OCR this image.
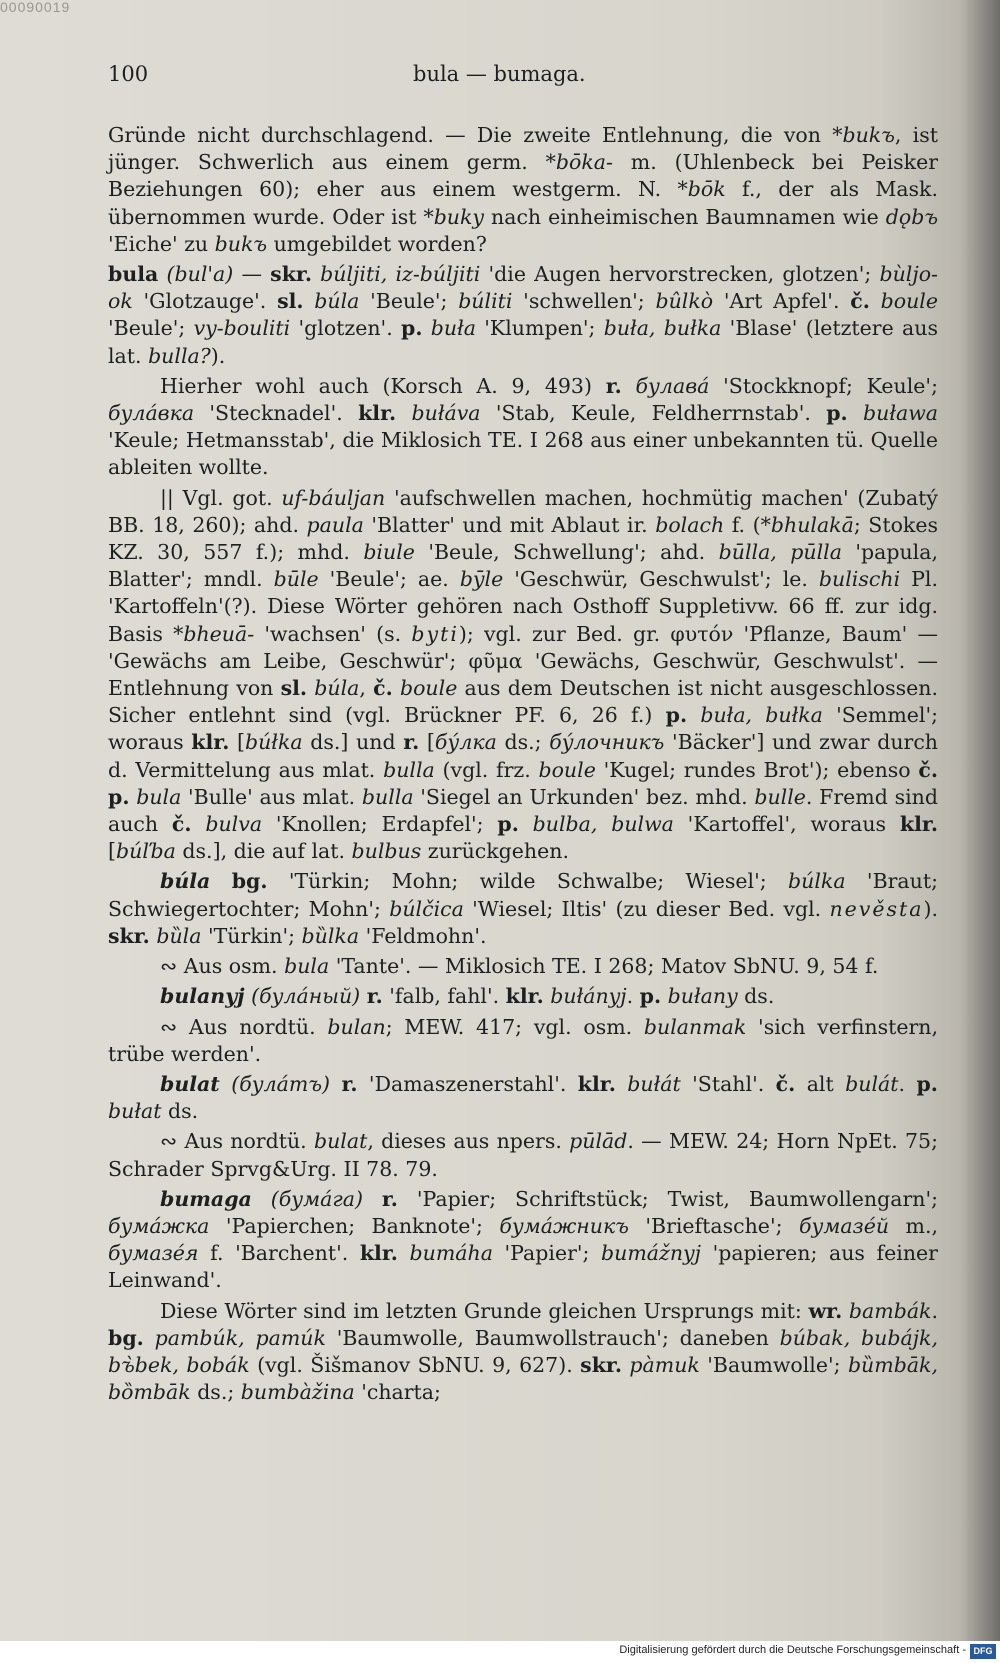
00090019
100	bula — bumaga.

Gründe nicht durchschlagend. — Die zweite Entlehnung, die von *bukъ, ist jünger. Schwerlich aus einem germ. *bōka- m. (Uhlenbeck bei Peisker Beziehungen 60); eher aus einem westgerm. N. *bōk f., der als Mask. übernommen wurde. Oder ist *buky nach einheimischen Baumnamen wie dǫbъ 'Eiche' zu bukъ umgebildet worden?

bula (bul'a) — skr. búljiti, iz-búljiti 'die Augen hervorstrecken, glotzen'; bùljo-ok 'Glotzauge'. sl. búla 'Beule'; búliti 'schwellen'; bûlkò 'Art Apfel'. č. boule 'Beule'; vy-bouliti 'glotzen'. p. buła 'Klumpen'; buła, bułka 'Blase' (letztere aus lat. bulla?).

Hierher wohl auch (Korsch A. 9, 493) r. булава́ 'Stockknopf; Keule'; була́вка 'Stecknadel'. klr. bułáva 'Stab, Keule, Feldherrnstab'. p. buława 'Keule; Hetmansstab', die Miklosich TE. I 268 aus einer unbekannten tü. Quelle ableiten wollte.

|| Vgl. got. uf-báuljan 'aufschwellen machen, hochmütig machen' (Zubatý BB. 18, 260); ahd. paula 'Blatter' und mit Ablaut ir. bolach f. (*bhulakā; Stokes KZ. 30, 557 f.); mhd. biule 'Beule, Schwellung'; ahd. būlla, pūlla 'papula, Blatter'; mndl. būle 'Beule'; ae. bȳle 'Geschwür, Geschwulst'; le. bulischi Pl. 'Kartoffeln'(?). Diese Wörter gehören nach Osthoff Suppletivw. 66 ff. zur idg. Basis *bheuā- 'wachsen' (s. byti); vgl. zur Bed. gr. φυτόν 'Pflanze, Baum' — 'Gewächs am Leibe, Geschwür'; φῦμα 'Gewächs, Geschwür, Geschwulst'. — Entlehnung von sl. búla, č. boule aus dem Deutschen ist nicht ausgeschlossen. Sicher entlehnt sind (vgl. Brückner PF. 6, 26 f.) p. buła, bułka 'Semmel'; woraus klr. [búłka ds.] und r. [бу́лка ds.; бу́лочникъ 'Bäcker'] und zwar durch d. Vermittelung aus mlat. bulla (vgl. frz. boule 'Kugel; rundes Brot'); ebenso č. p. bula 'Bulle' aus mlat. bulla 'Siegel an Urkunden' bez. mhd. bulle. Fremd sind auch č. bulva 'Knollen; Erdapfel'; p. bulba, bulwa 'Kartoffel', woraus klr. [búľba ds.], die auf lat. bulbus zurückgehen.

búla bg. 'Türkin; Mohn; wilde Schwalbe; Wiesel'; búlka 'Braut; Schwiegertochter; Mohn'; búlčica 'Wiesel; Iltis' (zu dieser Bed. vgl. nevěsta). skr. bȕla 'Türkin'; bȕlka 'Feldmohn'.

∾ Aus osm. bula 'Tante'. — Miklosich TE. I 268; Matov SbNU. 9, 54 f.

bulanyj (була́ный) r. 'falb, fahl'. klr. bułányj. p. bułany ds.

∾ Aus nordtü. bulan; MEW. 417; vgl. osm. bulanmak 'sich verfinstern, trübe werden'.

bulat (була́тъ) r. 'Damaszenerstahl'. klr. bułát 'Stahl'. č. alt bulát. p. bułat ds.

∾ Aus nordtü. bulat, dieses aus npers. pūlād. — MEW. 24; Horn NpEt. 75; Schrader Sprvg&Urg. II 78. 79.

bumaga (бума́га) r. 'Papier; Schriftstück; Twist, Baumwollengarn'; бума́жка 'Papierchen; Banknote'; бума́жникъ 'Brieftasche'; бумазе́й m., бумазе́я f. 'Barchent'. klr. bumáha 'Papier'; bumážnyj 'papieren; aus feiner Leinwand'.

Diese Wörter sind im letzten Grunde gleichen Ursprungs mit: wr. bambák. bg. pambúk, pamúk 'Baumwolle, Baumwollstrauch'; daneben búbak, bubájk, bъ̀bek, bobák (vgl. Šišmanov SbNU. 9, 627). skr. pàmuk 'Baumwolle'; bȕmbāk, bȍmbāk ds.; bumbàžina 'charta;

Digitalisierung gefördert durch die Deutsche Forschungsgemeinschaft - DFG
